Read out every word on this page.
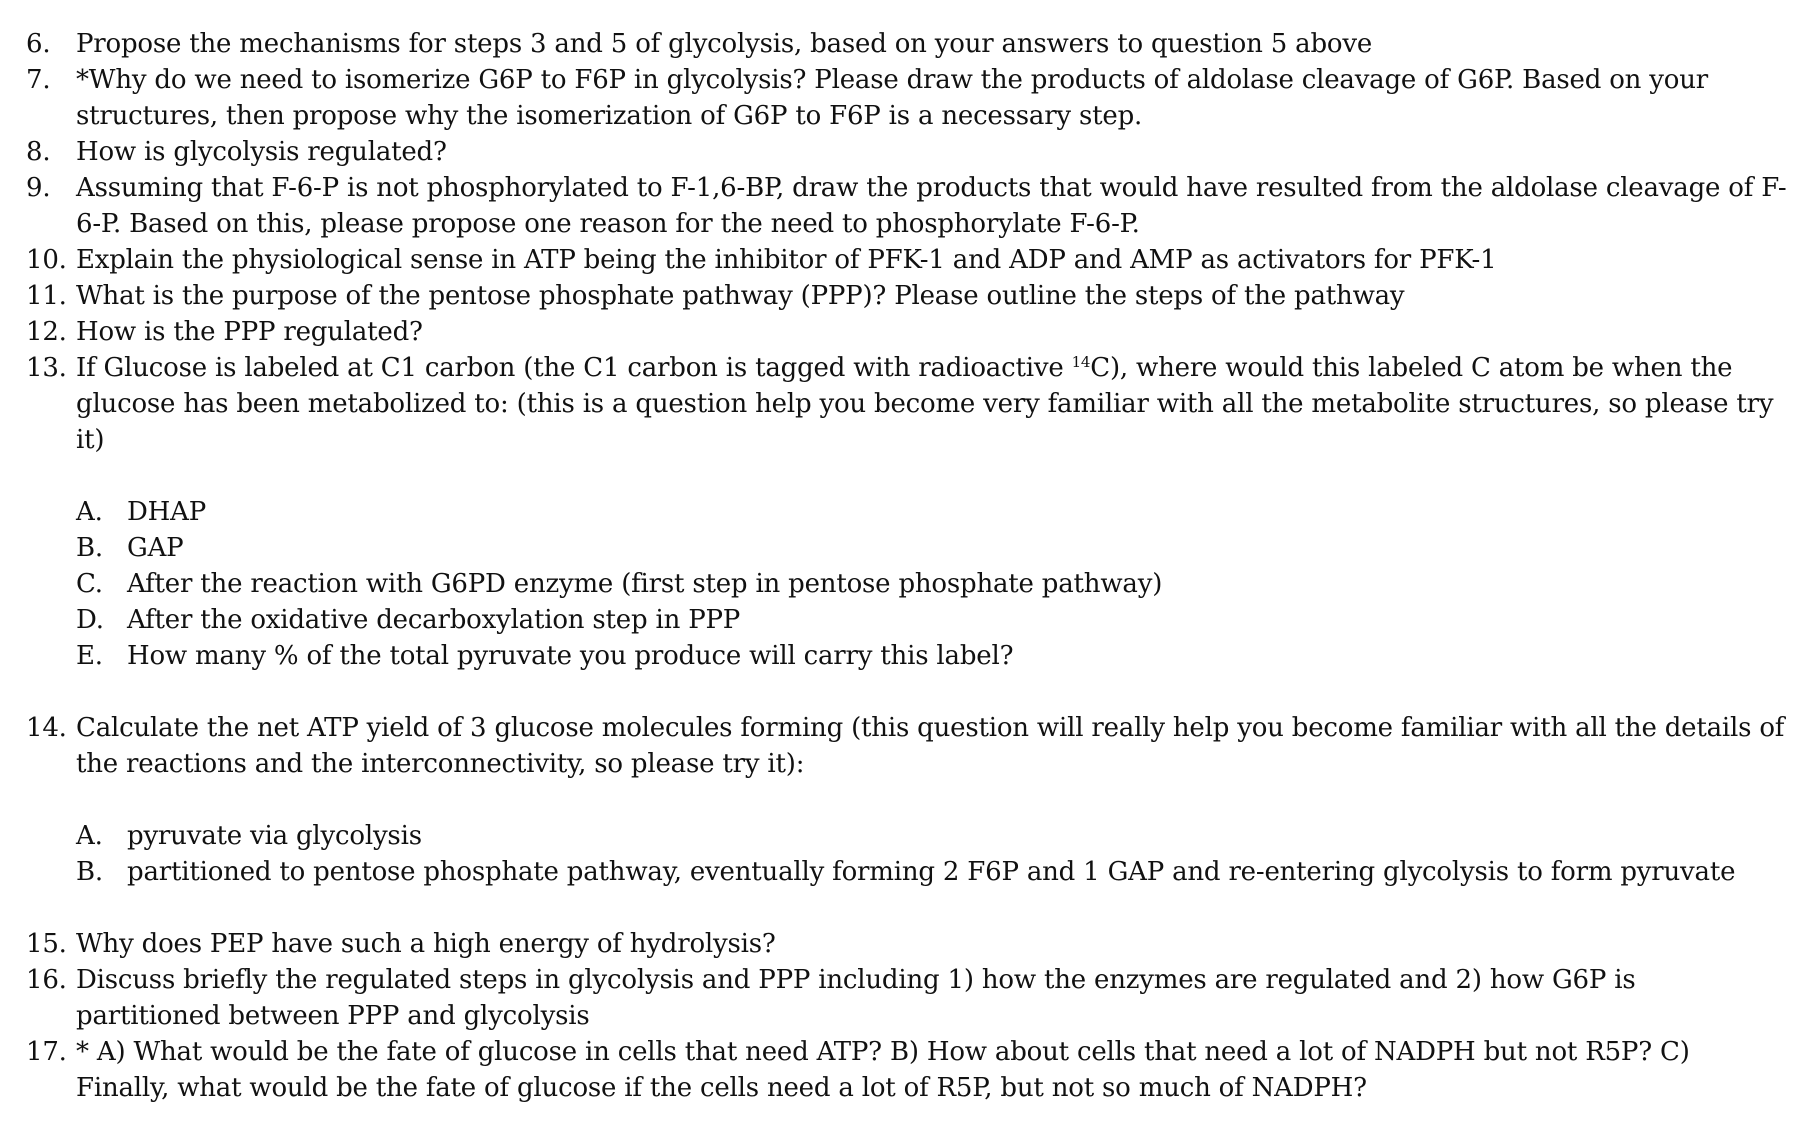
6. Propose the mechanisms for steps 3 and 5 of glycolysis, based on your answers to question 5 above
7. *Why do we need to isomerize G6P to F6P in glycolysis? Please draw the products of aldolase cleavage of G6P. Based on your structures, then propose why the isomerization of G6P to F6P is a necessary step.
8. How is glycolysis regulated?
9. Assuming that F-6-P is not phosphorylated to F-1,6-BP, draw the products that would have resulted from the aldolase cleavage of F-6-P. Based on this, please propose one reason for the need to phosphorylate F-6-P.
10. Explain the physiological sense in ATP being the inhibitor of PFK-1 and ADP and AMP as activators for PFK-1
11. What is the purpose of the pentose phosphate pathway (PPP)? Please outline the steps of the pathway
12. How is the PPP regulated?
13. If Glucose is labeled at C1 carbon (the C1 carbon is tagged with radioactive $^{14}$C), where would this labeled C atom be when the glucose has been metabolized to: (this is a question help you become very familiar with all the metabolite structures, so please try it)
A. DHAP
B. GAP
C. After the reaction with G6PD enzyme (first step in pentose phosphate pathway)
D. After the oxidative decarboxylation step in PPP
E. How many % of the total pyruvate you produce will carry this label?
14. Calculate the net ATP yield of 3 glucose molecules forming (this question will really help you become familiar with all the details of the reactions and the interconnectivity, so please try it):
A. pyruvate via glycolysis
B. partitioned to pentose phosphate pathway, eventually forming 2 F6P and 1 GAP and re-entering glycolysis to form pyruvate
15. Why does PEP have such a high energy of hydrolysis?
16. Discuss briefly the regulated steps in glycolysis and PPP including 1) how the enzymes are regulated and 2) how G6P is partitioned between PPP and glycolysis
17. * A) What would be the fate of glucose in cells that need ATP? B) How about cells that need a lot of NADPH but not R5P? C) Finally, what would be the fate of glucose if the cells need a lot of R5P, but not so much of NADPH?
